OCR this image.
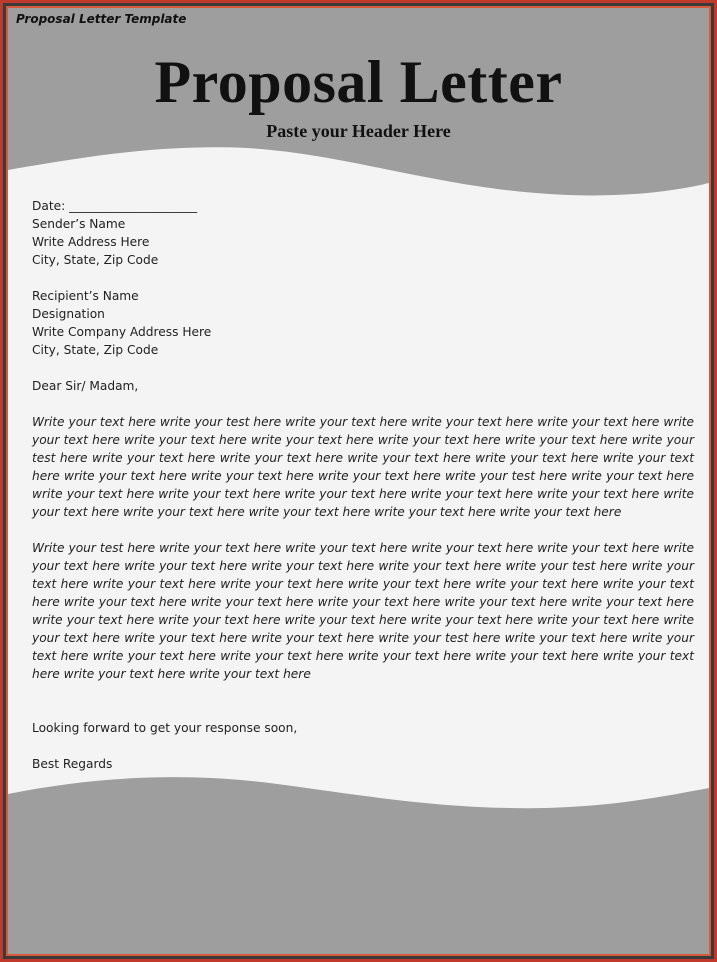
Proposal Letter Template
Proposal Letter
Paste your Header Here

Date: _____________________

Sender’s Name

Write Address Here

City, State, Zip Code

Recipient’s Name

Designation

Write Company Address Here

City, State, Zip Code

Dear Sir/ Madam,

Write your text here write your test here write your text here write your text here write your text here write your text here write your text here write your text here write your text here write your text here write your test here write your text here write your text here write your text here write your text here write your text here write your text here write your text here write your text here write your test here write your text here write your text here write your text here write your text here write your text here write your text here write your text here write your text here write your text here write your text here write your text here

Write your test here write your text here write your text here write your text here write your text here write your text here write your text here write your text here write your text here write your test here write your text here write your text here write your text here write your text here write your text here write your text here write your text here write your text here write your text here write your text here write your text here write your text here write your text here write your text here write your text here write your text here write your text here write your text here write your text here write your test here write your text here write your text here write your text here write your text here write your text here write your text here write your text here write your text here write your text here

Looking forward to get your response soon,

Best Regards
